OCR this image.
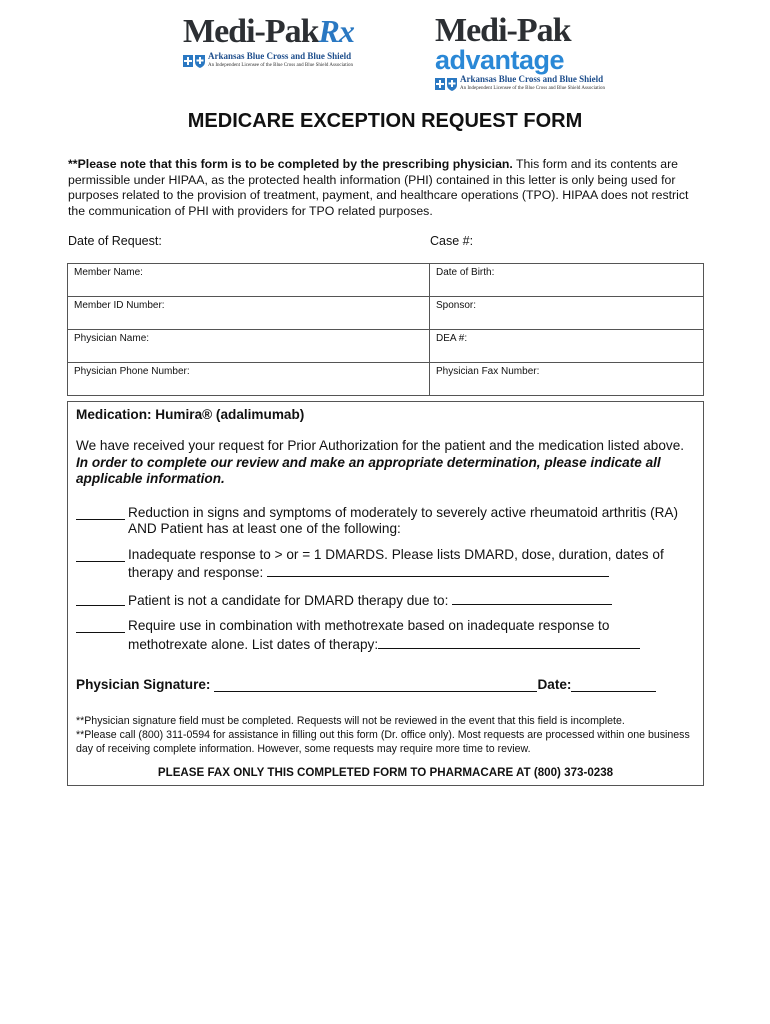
Medi-PakRx
Arkansas Blue Cross and Blue Shield
An Independent Licensee of the Blue Cross and Blue Shield Association
Medi-Pak
advantage
Arkansas Blue Cross and Blue Shield
An Independent Licensee of the Blue Cross and Blue Shield Association
MEDICARE EXCEPTION REQUEST FORM
**Please note that this form is to be completed by the prescribing physician. This form and its contents are permissible under HIPAA, as the protected health information (PHI) contained in this letter is only being used for purposes related to the provision of treatment, payment, and healthcare operations (TPO). HIPAA does not restrict the communication of PHI with providers for TPO related purposes.
Date of Request:	Case #:
Member Name:	Date of Birth:
Member ID Number:	Sponsor:
Physician Name:	DEA #:
Physician Phone Number:	Physician Fax Number:
Medication: Humira® (adalimumab)
We have received your request for Prior Authorization for the patient and the medication listed above. In order to complete our review and make an appropriate determination, please indicate all applicable information.
Reduction in signs and symptoms of moderately to severely active rheumatoid arthritis (RA)
AND Patient has at least one of the following:
Inadequate response to > or = 1 DMARDS. Please lists DMARD, dose, duration, dates of
therapy and response:
Patient is not a candidate for DMARD therapy due to:
Require use in combination with methotrexate based on inadequate response to
methotrexate alone. List dates of therapy:
Physician Signature:	Date:
**Physician signature field must be completed. Requests will not be reviewed in the event that this field is incomplete.
**Please call (800) 311-0594 for assistance in filling out this form (Dr. office only). Most requests are processed within one business day of receiving complete information. However, some requests may require more time to review.
PLEASE FAX ONLY THIS COMPLETED FORM TO PHARMACARE AT (800) 373-0238
